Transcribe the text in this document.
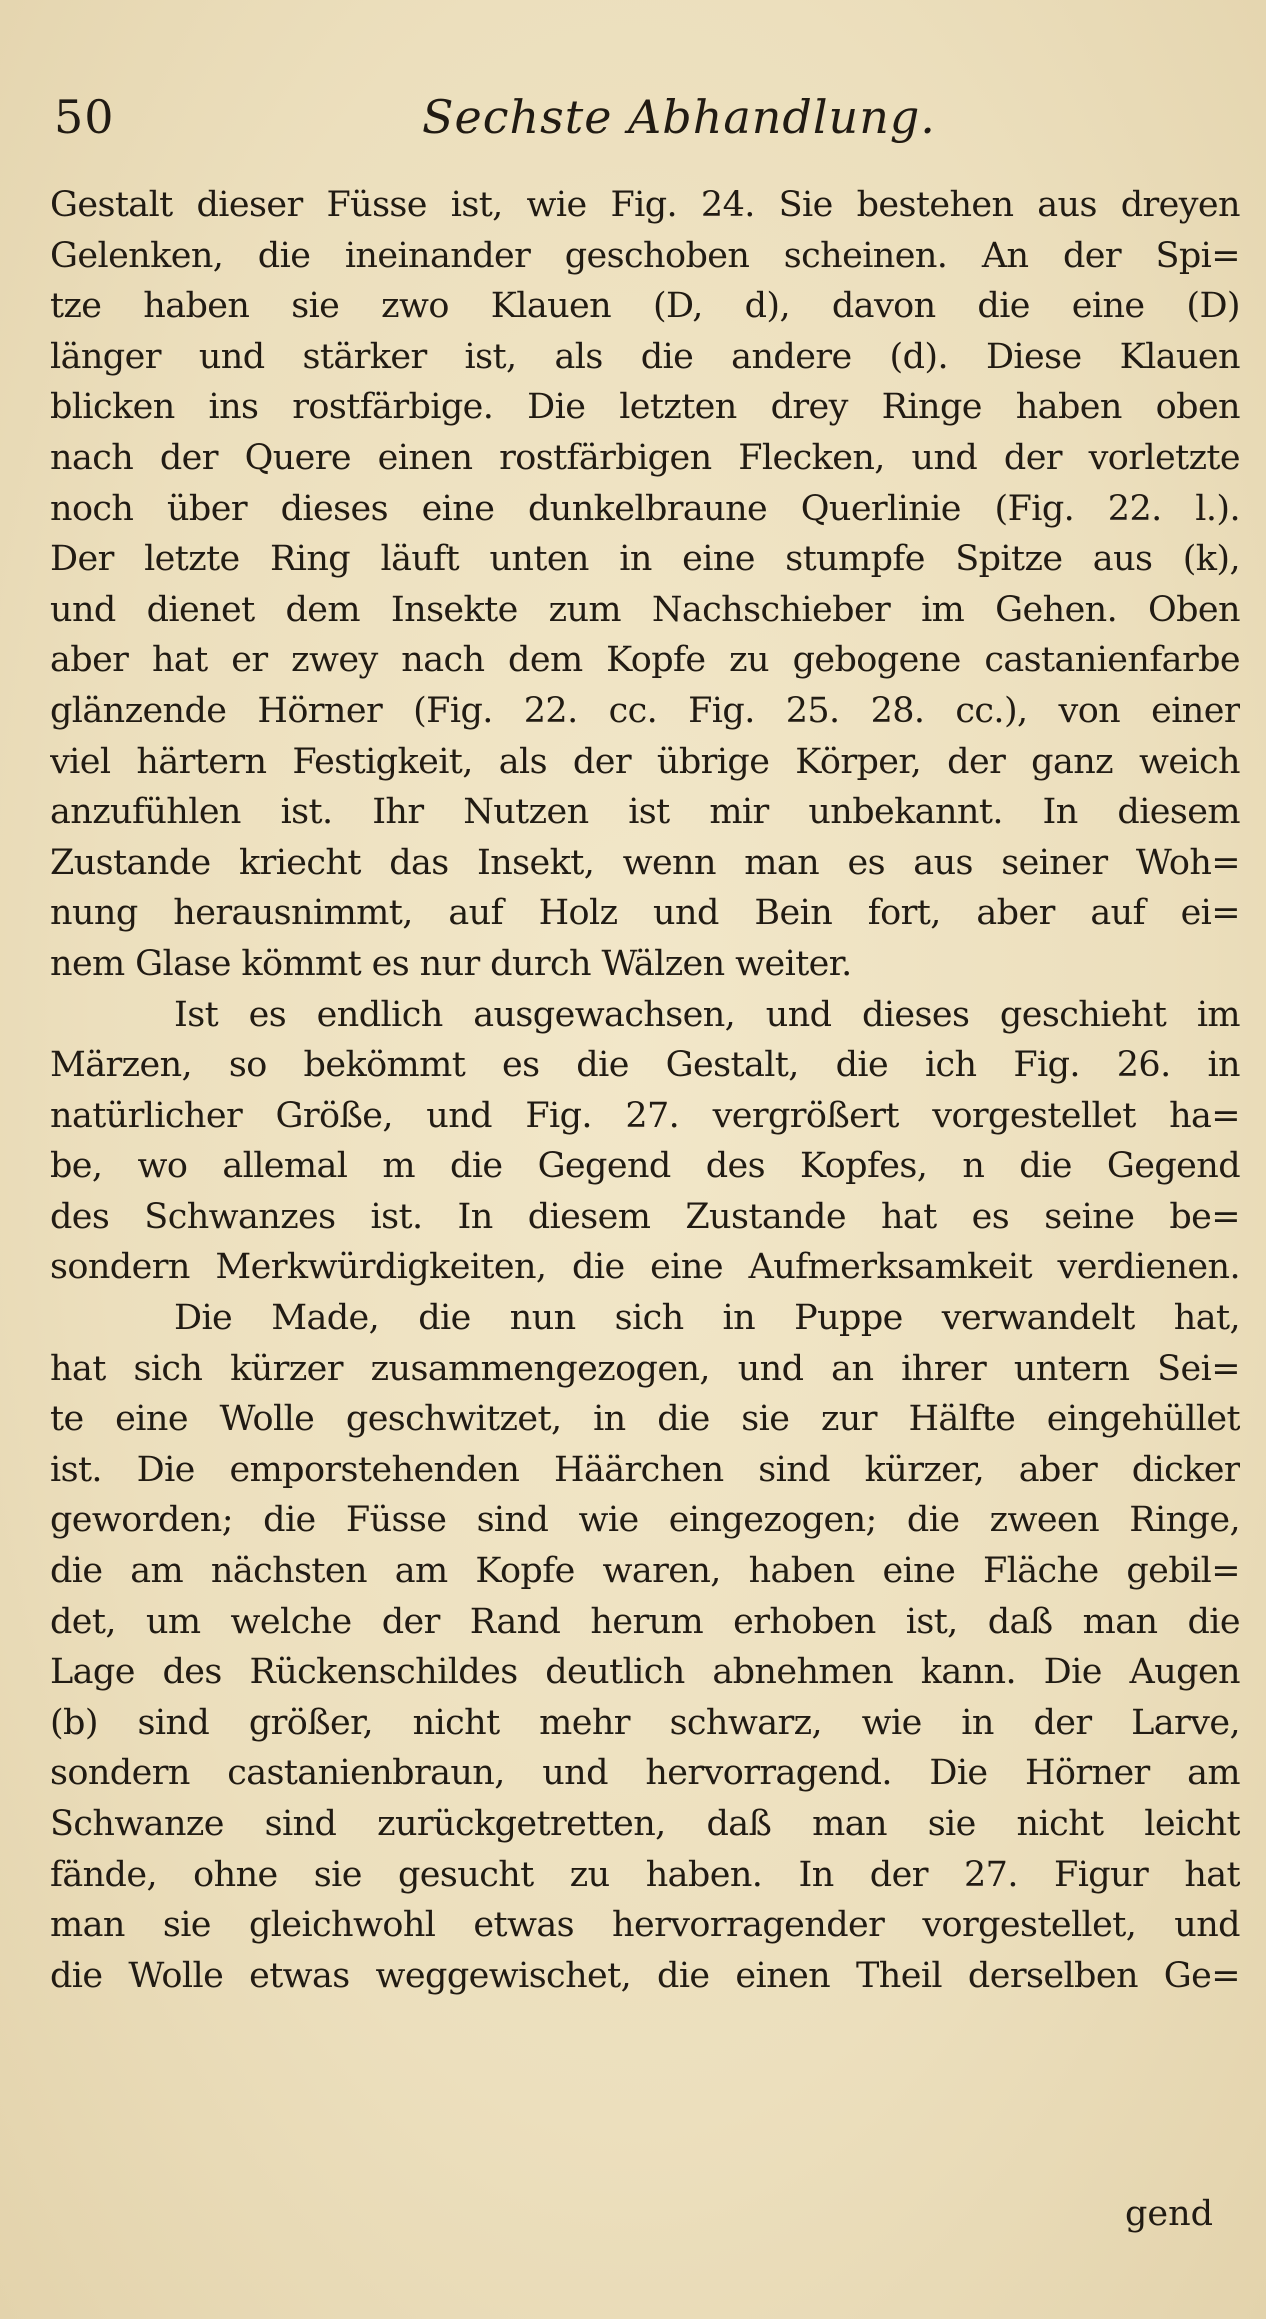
50	Sechste Abhandlung.
Gestalt dieser Füsse ist, wie Fig. 24. Sie bestehen aus dreyen
Gelenken, die ineinander geschoben scheinen. An der Spi=
tze haben sie zwo Klauen (D, d), davon die eine (D)
länger und stärker ist, als die andere (d). Diese Klauen
blicken ins rostfärbige. Die letzten drey Ringe haben oben
nach der Quere einen rostfärbigen Flecken, und der vorletzte
noch über dieses eine dunkelbraune Querlinie (Fig. 22. l.).
Der letzte Ring läuft unten in eine stumpfe Spitze aus (k),
und dienet dem Insekte zum Nachschieber im Gehen. Oben
aber hat er zwey nach dem Kopfe zu gebogene castanienfarbe
glänzende Hörner (Fig. 22. cc. Fig. 25. 28. cc.), von einer
viel härtern Festigkeit, als der übrige Körper, der ganz weich
anzufühlen ist. Ihr Nutzen ist mir unbekannt. In diesem
Zustande kriecht das Insekt, wenn man es aus seiner Woh=
nung herausnimmt, auf Holz und Bein fort, aber auf ei=
nem Glase kömmt es nur durch Wälzen weiter.
Ist es endlich ausgewachsen, und dieses geschieht im
Märzen, so bekömmt es die Gestalt, die ich Fig. 26. in
natürlicher Größe, und Fig. 27. vergrößert vorgestellet ha=
be, wo allemal m die Gegend des Kopfes, n die Gegend
des Schwanzes ist. In diesem Zustande hat es seine be=
sondern Merkwürdigkeiten, die eine Aufmerksamkeit verdienen.
Die Made, die nun sich in Puppe verwandelt hat,
hat sich kürzer zusammengezogen, und an ihrer untern Sei=
te eine Wolle geschwitzet, in die sie zur Hälfte eingehüllet
ist. Die emporstehenden Häärchen sind kürzer, aber dicker
geworden; die Füsse sind wie eingezogen; die zween Ringe,
die am nächsten am Kopfe waren, haben eine Fläche gebil=
det, um welche der Rand herum erhoben ist, daß man die
Lage des Rückenschildes deutlich abnehmen kann. Die Augen
(b) sind größer, nicht mehr schwarz, wie in der Larve,
sondern castanienbraun, und hervorragend. Die Hörner am
Schwanze sind zurückgetretten, daß man sie nicht leicht
fände, ohne sie gesucht zu haben. In der 27. Figur hat
man sie gleichwohl etwas hervorragender vorgestellet, und
die Wolle etwas weggewischet, die einen Theil derselben Ge=
gend
